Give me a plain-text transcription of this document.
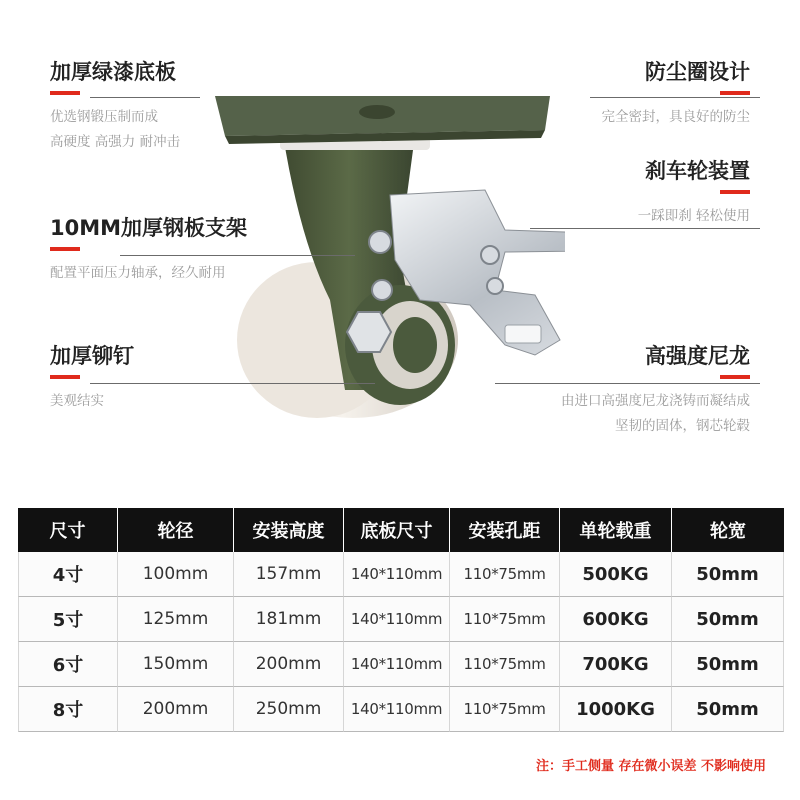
加厚绿漆底板
优选钢锻压制而成
高硬度 高强力 耐冲击
10MM加厚钢板支架
配置平面压力轴承，经久耐用
加厚铆钉
美观结实
防尘圈设计
完全密封，具良好的防尘
刹车轮装置
一踩即刹 轻松使用
高强度尼龙
由进口高强度尼龙浇铸而凝结成
坚韧的固体，钢芯轮毂
尺寸	轮径	安装高度	底板尺寸	安装孔距	单轮载重	轮宽
4寸	100mm	157mm	140*110mm	110*75mm	500KG	50mm
5寸	125mm	181mm	140*110mm	110*75mm	600KG	50mm
6寸	150mm	200mm	140*110mm	110*75mm	700KG	50mm
8寸	200mm	250mm	140*110mm	110*75mm	1000KG	50mm
注：手工侧量 存在微小误差 不影响使用
